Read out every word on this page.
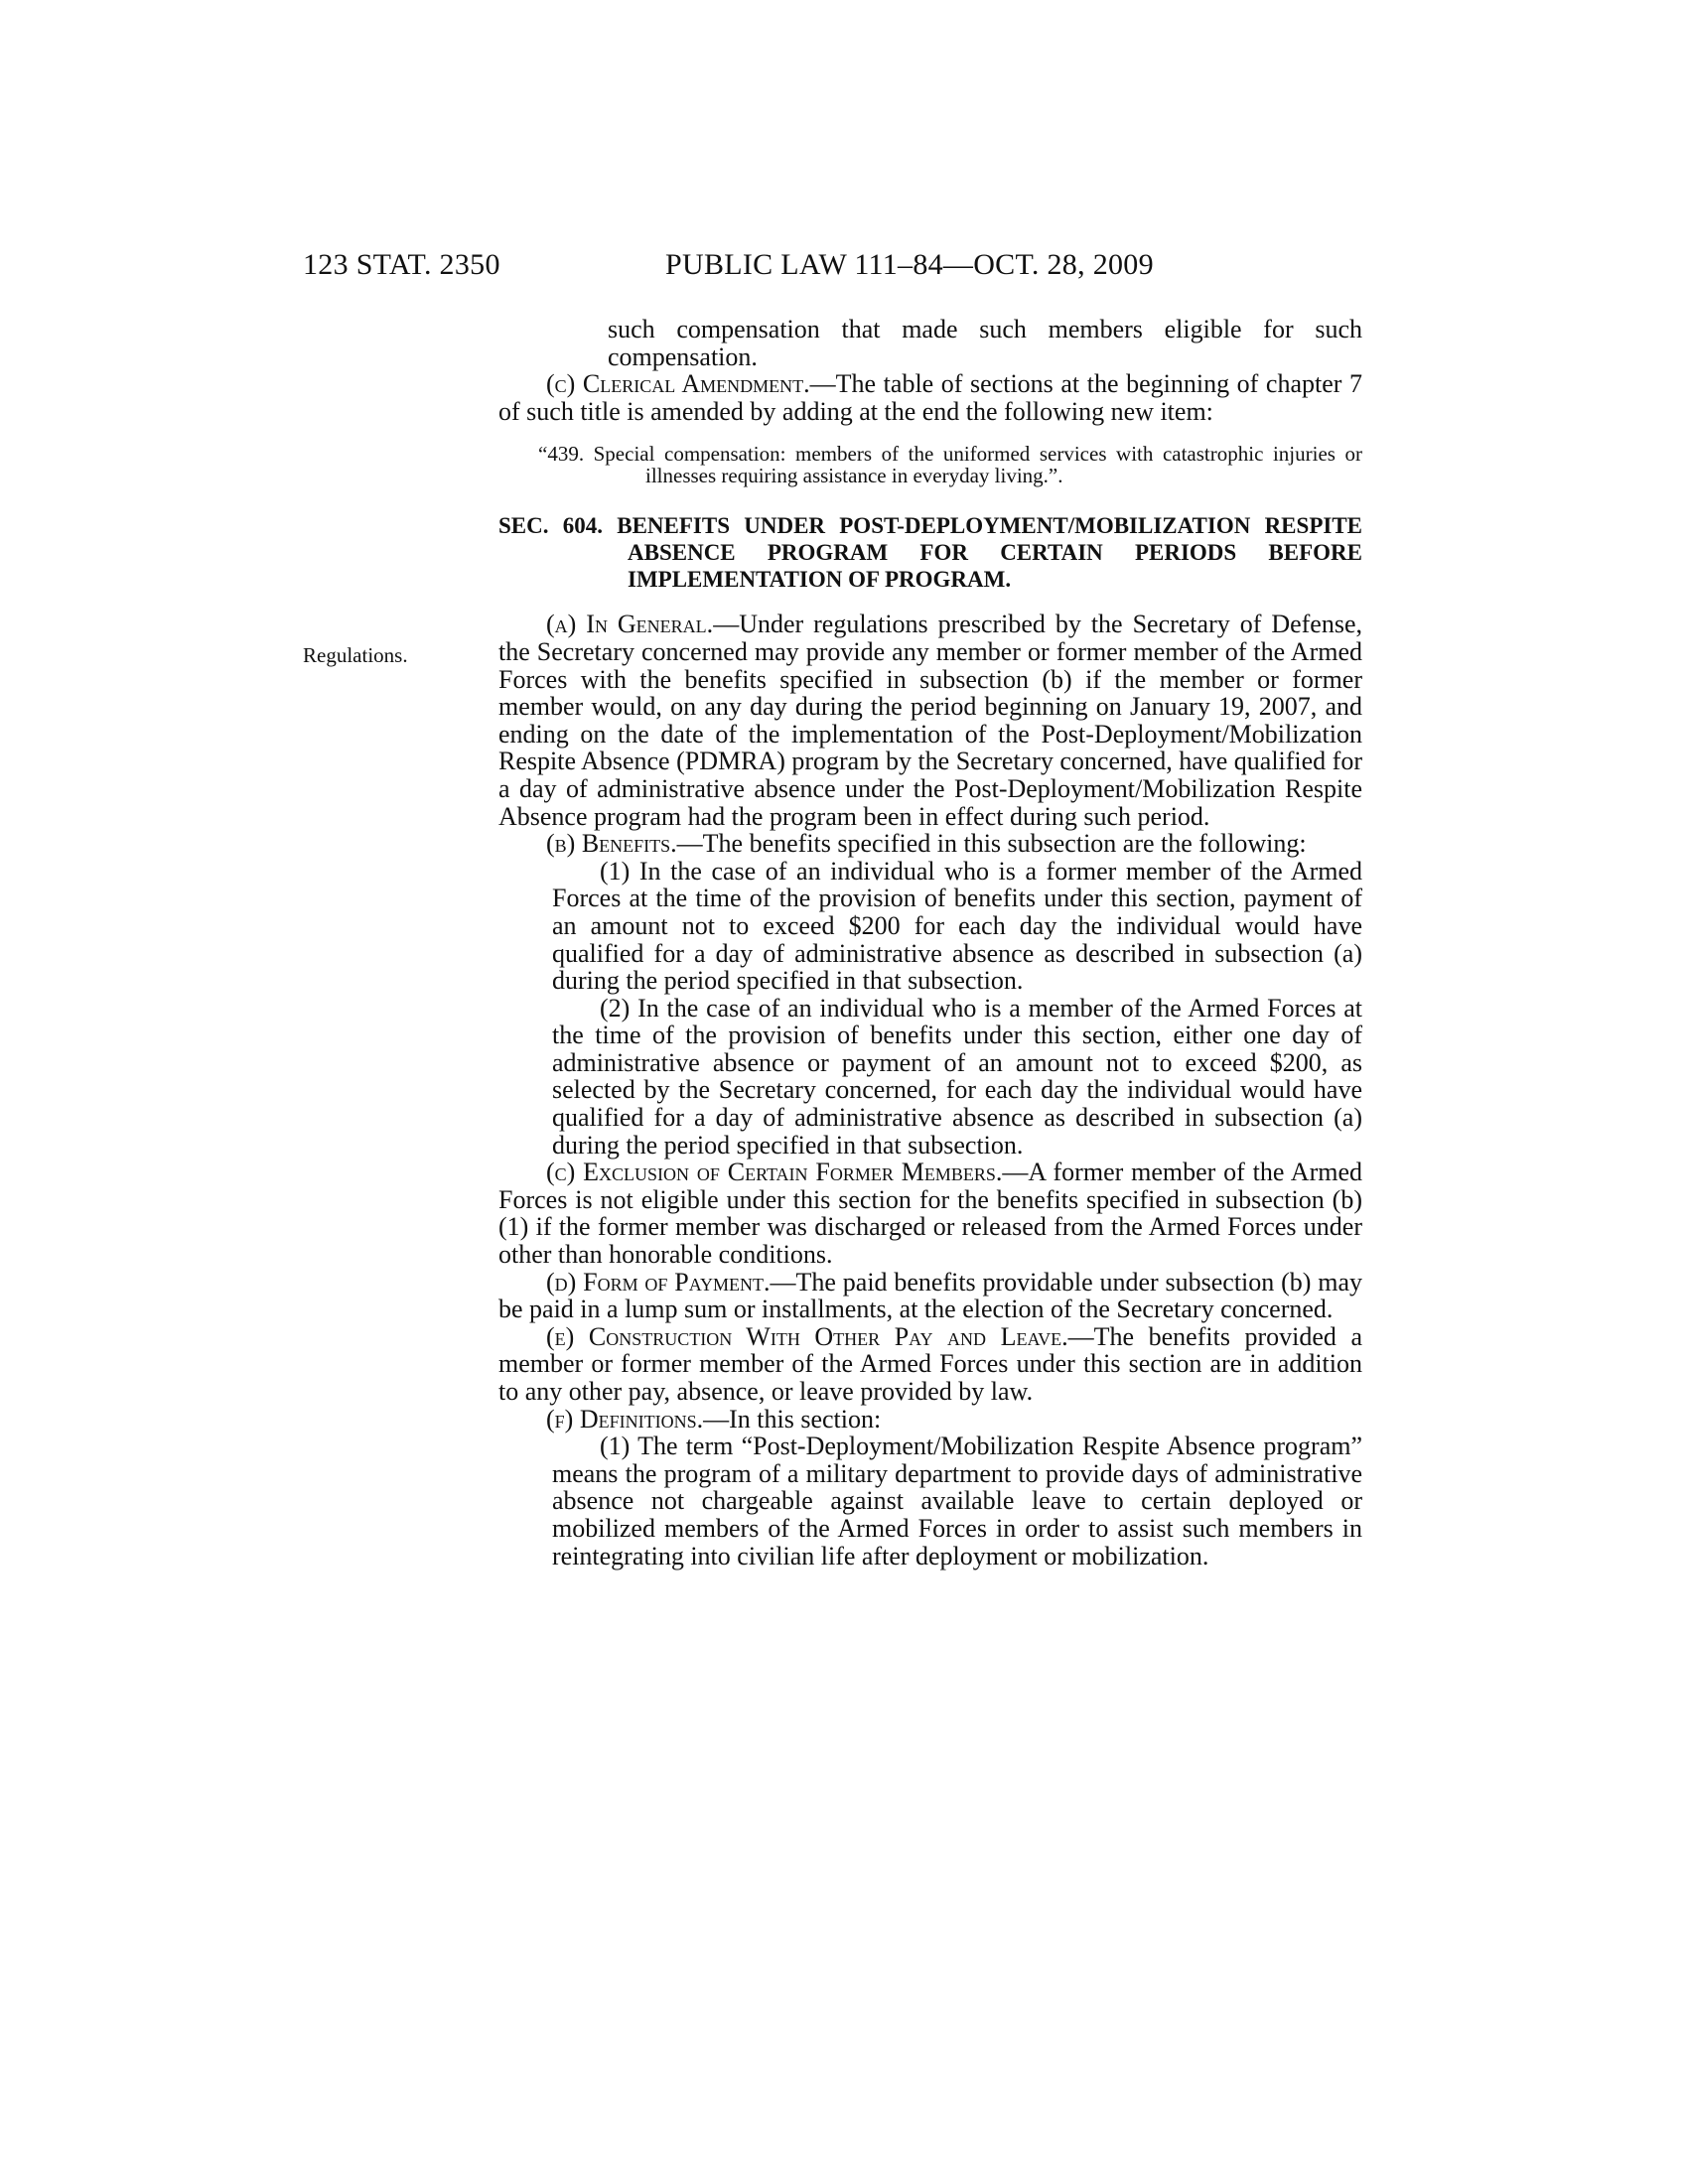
123 STAT. 2350	PUBLIC LAW 111–84—OCT. 28, 2009
Regulations.

such compensation that made such members eligible for such compensation.

(c) Clerical Amendment.—The table of sections at the beginning of chapter 7 of such title is amended by adding at the end the following new item:

“439. Special compensation: members of the uniformed services with catastrophic injuries or illnesses requiring assistance in everyday living.”.

SEC. 604. BENEFITS UNDER POST-DEPLOYMENT/MOBILIZATION RESPITE ABSENCE PROGRAM FOR CERTAIN PERIODS BEFORE IMPLEMENTATION OF PROGRAM.

(a) In General.—Under regulations prescribed by the Secretary of Defense, the Secretary concerned may provide any member or former member of the Armed Forces with the benefits specified in subsection (b) if the member or former member would, on any day during the period beginning on January 19, 2007, and ending on the date of the implementation of the Post-Deployment/Mobilization Respite Absence (PDMRA) program by the Secretary concerned, have qualified for a day of administrative absence under the Post-Deployment/Mobilization Respite Absence program had the program been in effect during such period.

(b) Benefits.—The benefits specified in this subsection are the following:

(1) In the case of an individual who is a former member of the Armed Forces at the time of the provision of benefits under this section, payment of an amount not to exceed $200 for each day the individual would have qualified for a day of administrative absence as described in subsection (a) during the period specified in that subsection.

(2) In the case of an individual who is a member of the Armed Forces at the time of the provision of benefits under this section, either one day of administrative absence or payment of an amount not to exceed $200, as selected by the Secretary concerned, for each day the individual would have qualified for a day of administrative absence as described in subsection (a) during the period specified in that subsection.

(c) Exclusion of Certain Former Members.—A former member of the Armed Forces is not eligible under this section for the benefits specified in subsection (b)(1) if the former member was discharged or released from the Armed Forces under other than honorable conditions.

(d) Form of Payment.—The paid benefits providable under subsection (b) may be paid in a lump sum or installments, at the election of the Secretary concerned.

(e) Construction With Other Pay and Leave.—The benefits provided a member or former member of the Armed Forces under this section are in addition to any other pay, absence, or leave provided by law.

(f) Definitions.—In this section:

(1) The term “Post-Deployment/Mobilization Respite Absence program” means the program of a military department to provide days of administrative absence not chargeable against available leave to certain deployed or mobilized members of the Armed Forces in order to assist such members in reintegrating into civilian life after deployment or mobilization.
